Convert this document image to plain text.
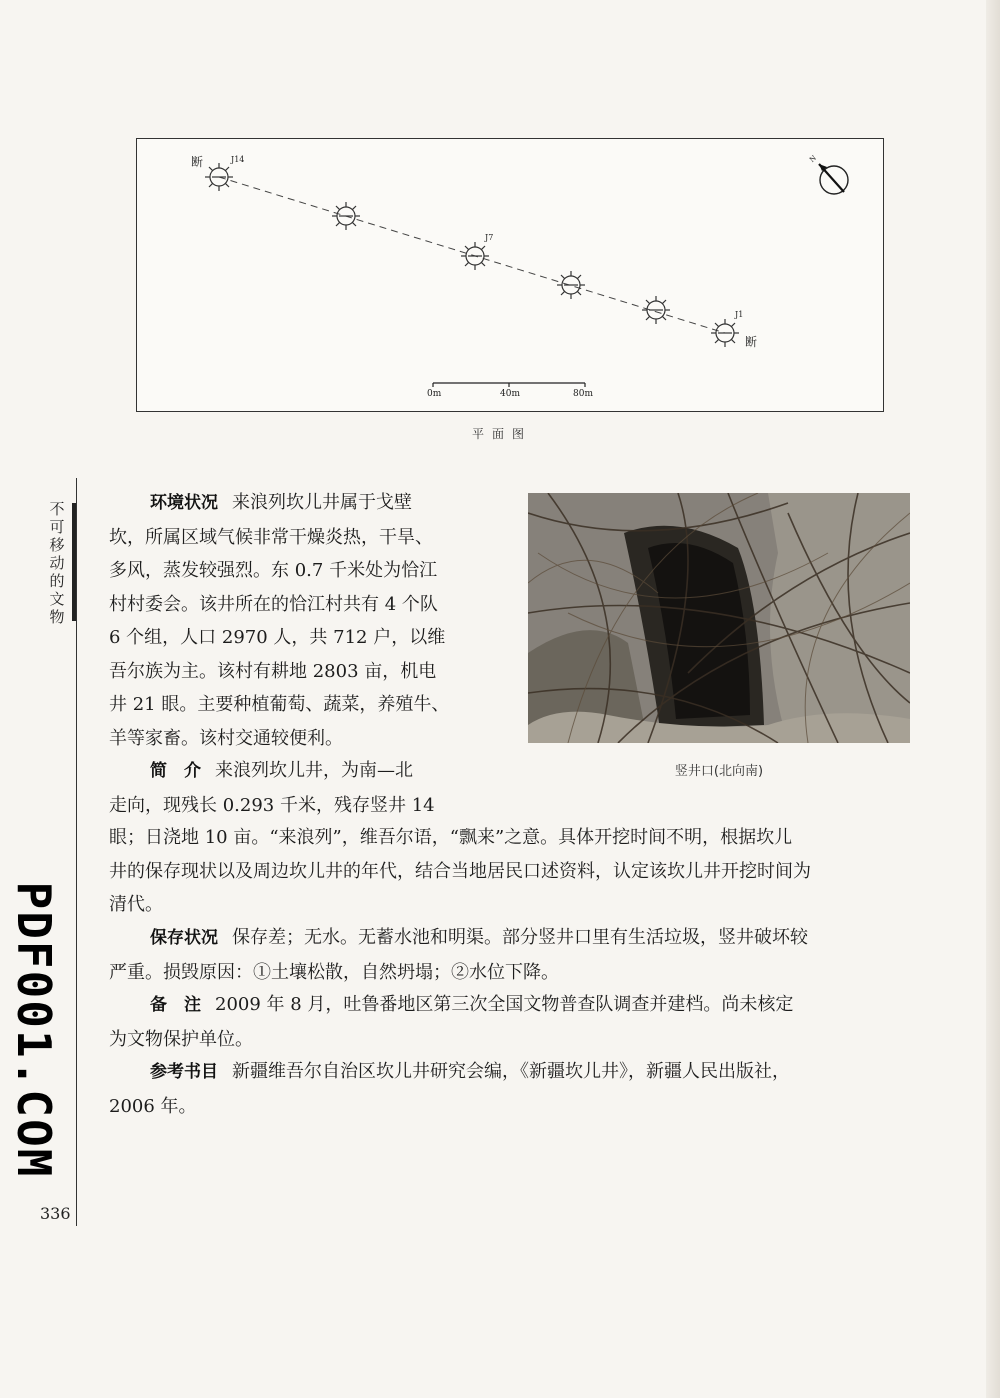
不可移动的文物
336
PDF001.COM
断
断
J14
J7
J1
N
0m	40m	80m
平面图
竖井口(北向南)
环境状况 来浪列坎儿井属于戈壁
坎，所属区域气候非常干燥炎热，干旱、
多风，蒸发较强烈。东 0.7 千米处为恰江
村村委会。该井所在的恰江村共有 4 个队
6 个组，人口 2970 人，共 712 户，以维
吾尔族为主。该村有耕地 2803 亩，机电
井 21 眼。主要种植葡萄、蔬菜，养殖牛、
羊等家畜。该村交通较便利。
简　介 来浪列坎儿井，为南—北
走向，现残长 0.293 千米，残存竖井 14
眼；日浇地 10 亩。“来浪列”，维吾尔语，“飘来”之意。具体开挖时间不明，根据坎儿
井的保存现状以及周边坎儿井的年代，结合当地居民口述资料，认定该坎儿井开挖时间为
清代。
保存状况 保存差；无水。无蓄水池和明渠。部分竖井口里有生活垃圾，竖井破坏较
严重。损毁原因：①土壤松散，自然坍塌；②水位下降。
备　注 2009 年 8 月，吐鲁番地区第三次全国文物普查队调查并建档。尚未核定
为文物保护单位。
参考书目 新疆维吾尔自治区坎儿井研究会编，《新疆坎儿井》，新疆人民出版社，
2006 年。
